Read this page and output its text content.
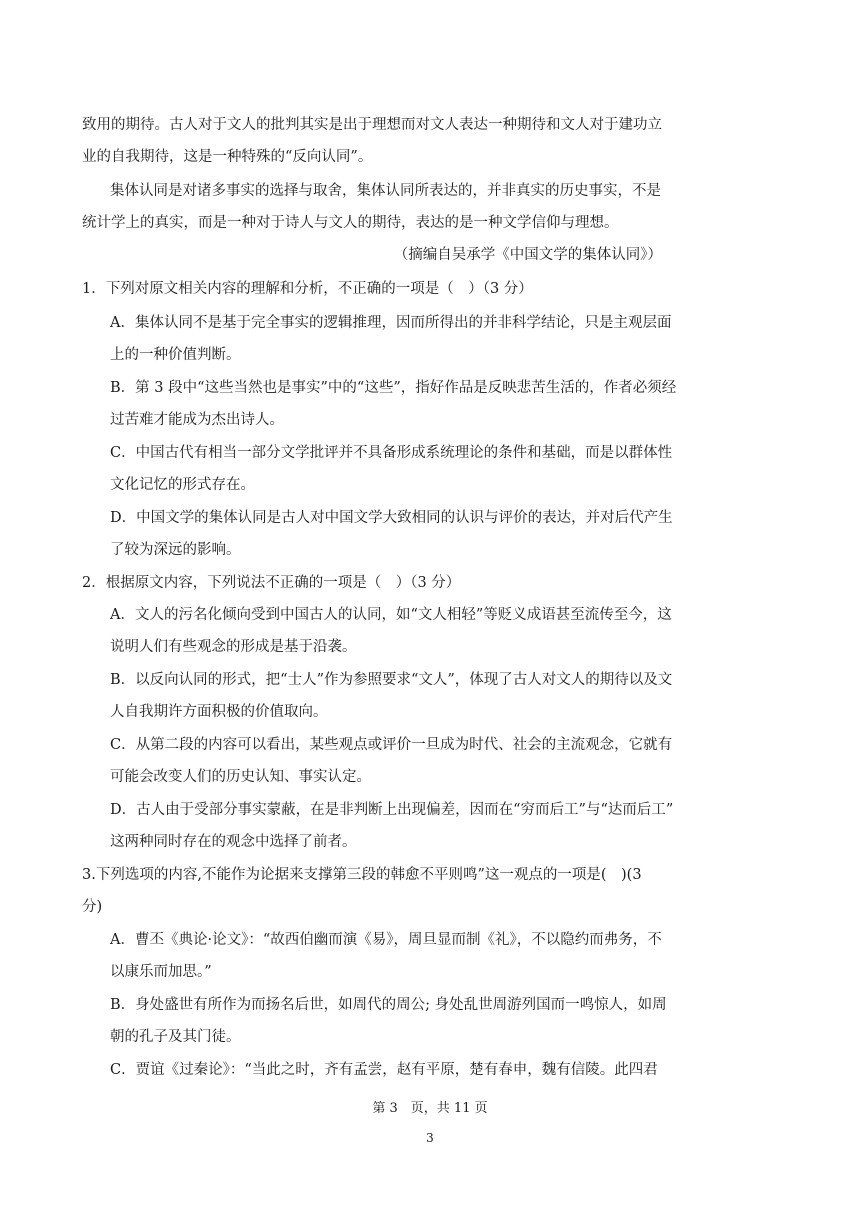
致用的期待。古人对于文人的批判其实是出于理想而对文人表达一种期待和文人对于建功立
业的自我期待，这是一种特殊的“反向认同”。
集体认同是对诸多事实的选择与取舍，集体认同所表达的，并非真实的历史事实，不是
统计学上的真实，而是一种对于诗人与文人的期待，表达的是一种文学信仰与理想。
（摘编自吴承学《中国文学的集体认同》）
1．下列对原文相关内容的理解和分析，不正确的一项是（　）（3 分）
A．集体认同不是基于完全事实的逻辑推理，因而所得出的并非科学结论，只是主观层面
上的一种价值判断。
B．第 3 段中“这些当然也是事实”中的“这些”，指好作品是反映悲苦生活的，作者必须经
过苦难才能成为杰出诗人。
C．中国古代有相当一部分文学批评并不具备形成系统理论的条件和基础，而是以群体性
文化记忆的形式存在。
D．中国文学的集体认同是古人对中国文学大致相同的认识与评价的表达，并对后代产生
了较为深远的影响。
2．根据原文内容，下列说法不正确的一项是（　）（3 分）
A．文人的污名化倾向受到中国古人的认同，如“文人相轻”等贬义成语甚至流传至今，这
说明人们有些观念的形成是基于沿袭。
B．以反向认同的形式，把“士人”作为参照要求“文人”，体现了古人对文人的期待以及文
人自我期许方面积极的价值取向。
C．从第二段的内容可以看出，某些观点或评价一旦成为时代、社会的主流观念，它就有
可能会改变人们的历史认知、事实认定。
D．古人由于受部分事实蒙蔽，在是非判断上出现偏差，因而在“穷而后工”与“达而后工”
这两种同时存在的观念中选择了前者。
3.下列选项的内容,不能作为论据来支撑第三段的韩愈不平则鸣”这一观点的一项是(　)(3
分)
A．曹丕《典论·论文》：“故西伯幽而演《易》，周旦显而制《礼》，不以隐约而弗务，不
以康乐而加思。”
B．身处盛世有所作为而扬名后世，如周代的周公; 身处乱世周游列国而一鸣惊人，如周
朝的孔子及其门徒。
C．贾谊《过秦论》：“当此之时，齐有孟尝，赵有平原，楚有春申，魏有信陵。此四君
第 3　页，共 11 页
3
